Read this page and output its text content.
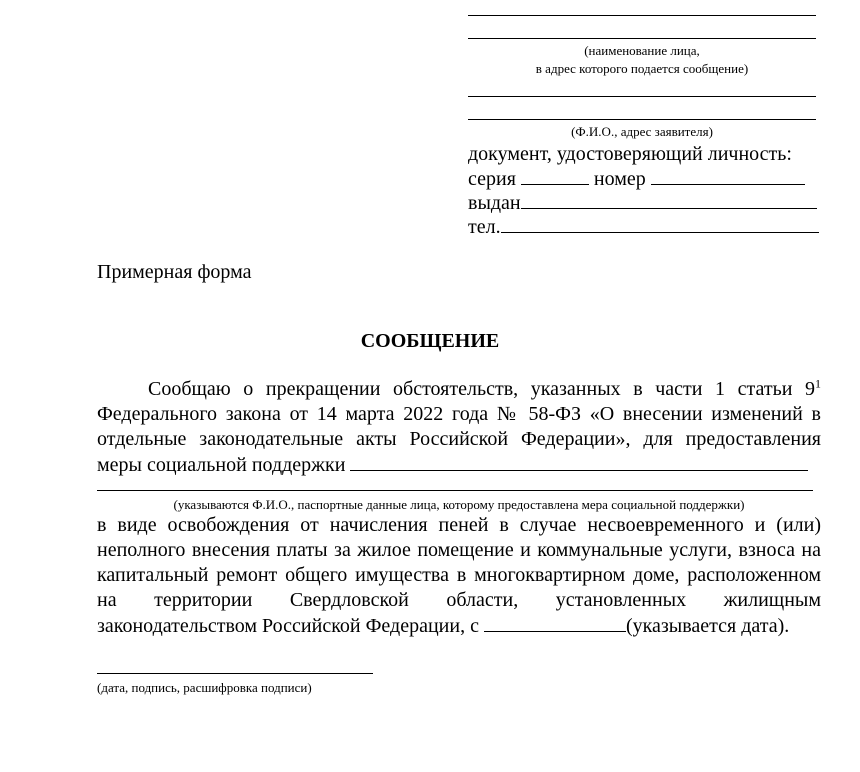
(наименование лица,
в адрес которого подается сообщение)
(Ф.И.О., адрес заявителя)
документ, удостоверяющий личность:
серия	номер
выдан
тел.
Примерная форма
СООБЩЕНИЕ

Сообщаю о прекращении обстоятельств, указанных в части 1 статьи $9^1$ Федерального закона от 14 марта 2022 года № 58-ФЗ «О внесении изменений в отдельные законодательные акты Российской Федерации», для предоставления меры социальной поддержки

(указываются Ф.И.О., паспортные данные лица, которому предоставлена мера социальной поддержки)

в виде освобождения от начисления пеней в случае несвоевременного и (или) неполного внесения платы за жилое помещение и коммунальные услуги, взноса на капитальный ремонт общего имущества в многоквартирном доме, расположенном на территории Свердловской области, установленных жилищным законодательством Российской Федерации, с	(указывается дата).

(дата, подпись, расшифровка подписи)
